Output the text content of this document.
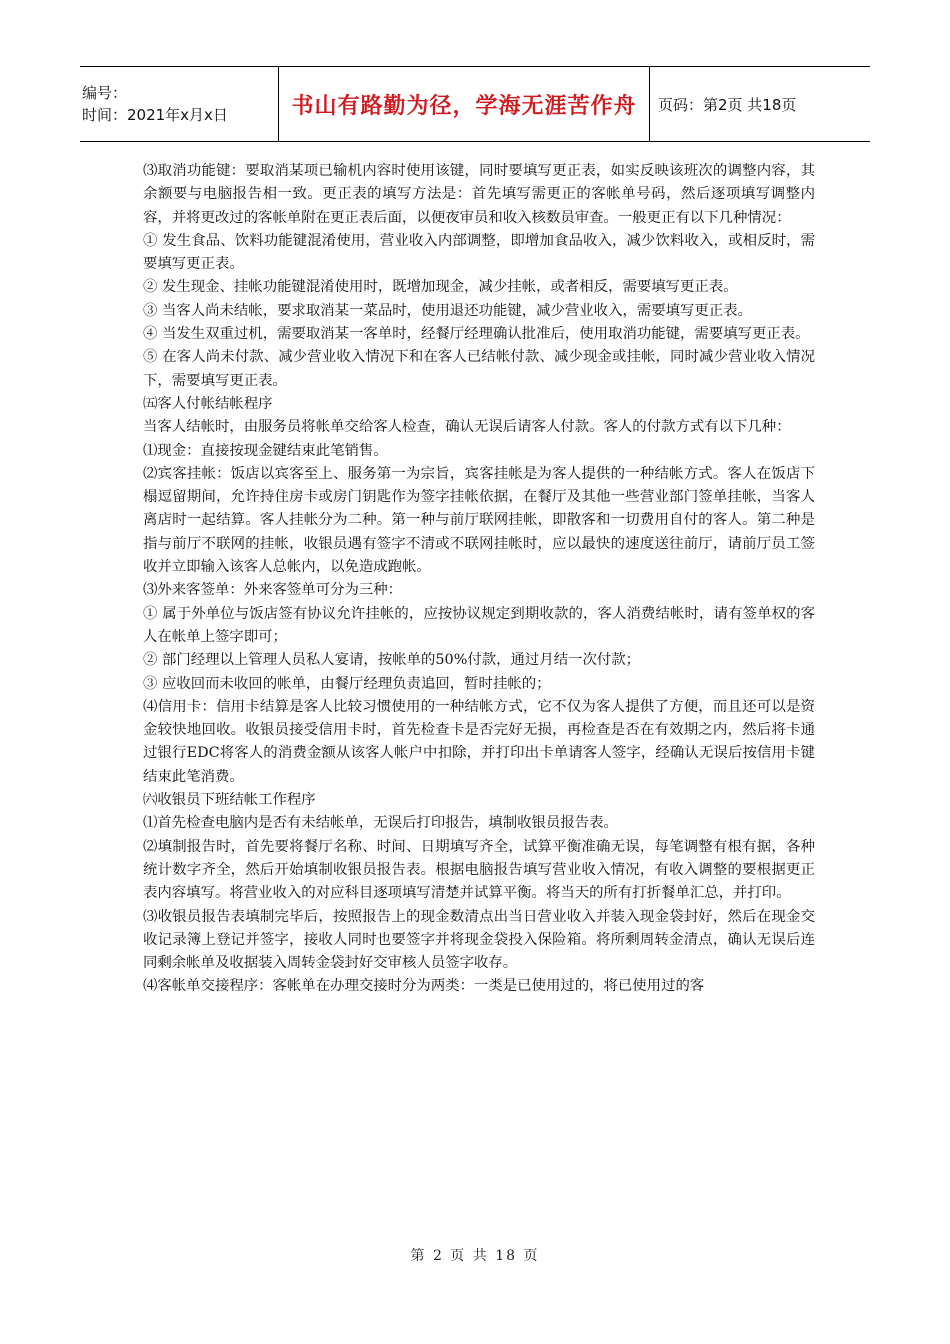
编号：
时间：2021年x月x日	书山有路勤为径，学海无涯苦作舟 页码：第2页 共18页

⑶取消功能键：要取消某项已输机内容时使用该键，同时要填写更正表，如实反映该班次的调整内容，其余额要与电脑报告相一致。更正表的填写方法是：首先填写需更正的客帐单号码，然后逐项填写调整内容，并将更改过的客帐单附在更正表后面，以便夜审员和收入核数员审查。一般更正有以下几种情况：

① 发生食品、饮料功能键混淆使用，营业收入内部调整，即增加食品收入，减少饮料收入，或相反时，需要填写更正表。

② 发生现金、挂帐功能键混淆使用时，既增加现金，减少挂帐，或者相反，需要填写更正表。

③ 当客人尚未结帐，要求取消某一菜品时，使用退还功能键，减少营业收入，需要填写更正表。

④ 当发生双重过机，需要取消某一客单时，经餐厅经理确认批准后，使用取消功能键，需要填写更正表。

⑤ 在客人尚未付款、减少营业收入情况下和在客人已结帐付款、减少现金或挂帐，同时减少营业收入情况下，需要填写更正表。

㈤客人付帐结帐程序

当客人结帐时，由服务员将帐单交给客人检查，确认无误后请客人付款。客人的付款方式有以下几种：

⑴现金：直接按现金键结束此笔销售。

⑵宾客挂帐：饭店以宾客至上、服务第一为宗旨，宾客挂帐是为客人提供的一种结帐方式。客人在饭店下榻逗留期间，允许持住房卡或房门钥匙作为签字挂帐依据，在餐厅及其他一些营业部门签单挂帐，当客人离店时一起结算。客人挂帐分为二种。第一种与前厅联网挂帐，即散客和一切费用自付的客人。第二种是指与前厅不联网的挂帐，收银员遇有签字不清或不联网挂帐时，应以最快的速度送往前厅，请前厅员工签收并立即输入该客人总帐内，以免造成跑帐。

⑶外来客签单：外来客签单可分为三种：

① 属于外单位与饭店签有协议允许挂帐的，应按协议规定到期收款的，客人消费结帐时，请有签单权的客人在帐单上签字即可；

② 部门经理以上管理人员私人宴请，按帐单的50%付款，通过月结一次付款；

③ 应收回而未收回的帐单，由餐厅经理负责追回，暂时挂帐的；

⑷信用卡：信用卡结算是客人比较习惯使用的一种结帐方式，它不仅为客人提供了方便，而且还可以是资金较快地回收。收银员接受信用卡时，首先检查卡是否完好无损，再检查是否在有效期之内，然后将卡通过银行EDC将客人的消费金额从该客人帐户中扣除，并打印出卡单请客人签字，经确认无误后按信用卡键结束此笔消费。

㈥收银员下班结帐工作程序

⑴首先检查电脑内是否有未结帐单，无误后打印报告，填制收银员报告表。

⑵填制报告时，首先要将餐厅名称、时间、日期填写齐全，试算平衡准确无误，每笔调整有根有据，各种统计数字齐全，然后开始填制收银员报告表。根据电脑报告填写营业收入情况，有收入调整的要根据更正表内容填写。将营业收入的对应科目逐项填写清楚并试算平衡。将当天的所有打折餐单汇总，并打印。

⑶收银员报告表填制完毕后，按照报告上的现金数清点出当日营业收入并装入现金袋封好，然后在现金交收记录簿上登记并签字，接收人同时也要签字并将现金袋投入保险箱。将所剩周转金清点，确认无误后连同剩余帐单及收据装入周转金袋封好交审核人员签字收存。

⑷客帐单交接程序：客帐单在办理交接时分为两类：一类是已使用过的，将已使用过的客

第 2 页 共 18 页
